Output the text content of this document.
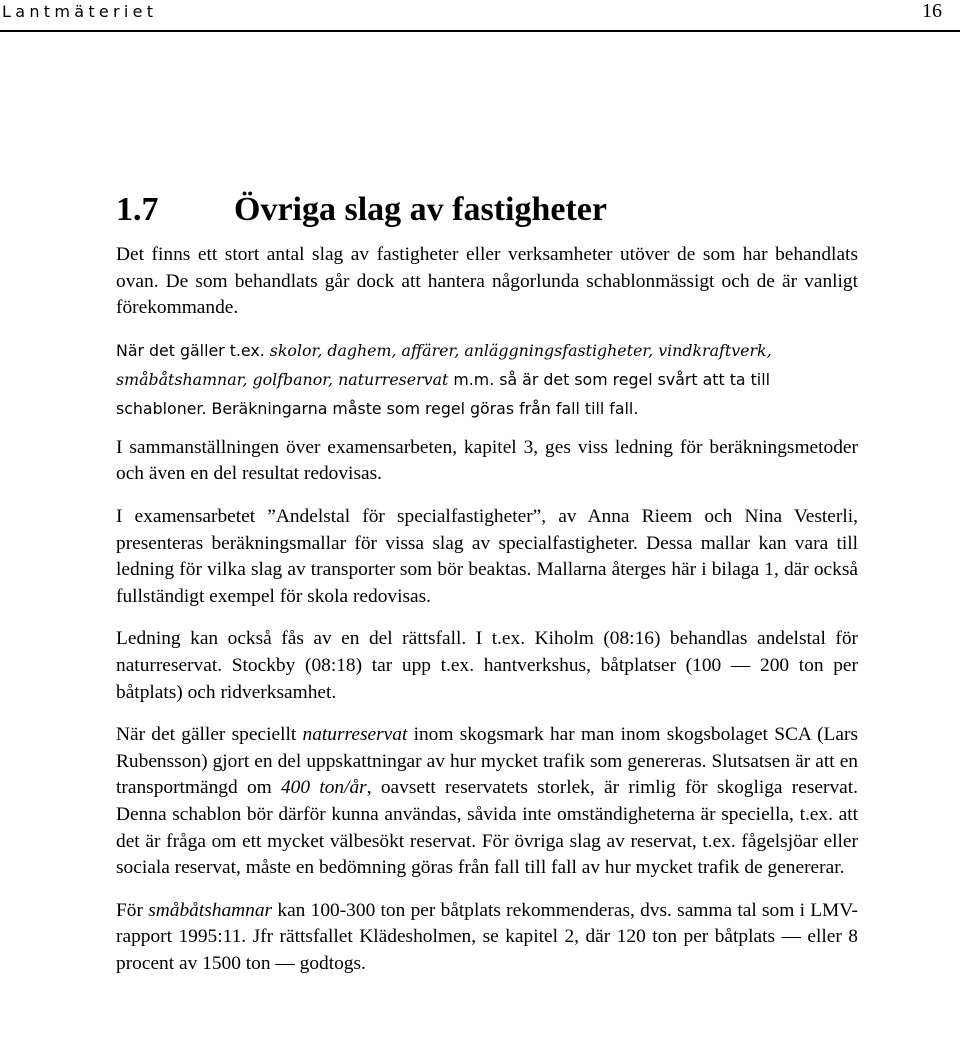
Lantmäteriet	16
1.7 Övriga slag av fastigheter

Det finns ett stort antal slag av fastigheter eller verksamheter utöver de som har behandlats ovan. De som behandlats går dock att hantera någorlunda schablonmässigt och de är vanligt förekommande.

När det gäller t.ex. skolor, daghem, affärer, anläggningsfastigheter, vindkraftverk, småbåtshamnar, golfbanor, naturreservat m.m. så är det som regel svårt att ta till schabloner. Beräkningarna måste som regel göras från fall till fall.

I sammanställningen över examensarbeten, kapitel 3, ges viss ledning för beräkningsmetoder och även en del resultat redovisas.

I examensarbetet ”Andelstal för specialfastigheter”, av Anna Rieem och Nina Vesterli, presenteras beräkningsmallar för vissa slag av specialfastigheter. Dessa mallar kan vara till ledning för vilka slag av transporter som bör beaktas. Mallarna återges här i bilaga 1, där också fullständigt exempel för skola redovisas.

Ledning kan också fås av en del rättsfall. I t.ex. Kiholm (08:16) behandlas andelstal för naturreservat. Stockby (08:18) tar upp t.ex. hantverkshus, båtplatser (100 — 200 ton per båtplats) och ridverksamhet.

När det gäller speciellt naturreservat inom skogsmark har man inom skogsbolaget SCA (Lars Rubensson) gjort en del uppskattningar av hur mycket trafik som genereras. Slutsatsen är att en transportmängd om 400 ton/år, oavsett reservatets storlek, är rimlig för skogliga reservat. Denna schablon bör därför kunna användas, såvida inte omständigheterna är speciella, t.ex. att det är fråga om ett mycket välbesökt reservat. För övriga slag av reservat, t.ex. fågelsjöar eller sociala reservat, måste en bedömning göras från fall till fall av hur mycket trafik de genererar.

För småbåtshamnar kan 100-300 ton per båtplats rekommenderas, dvs. samma tal som i LMV-rapport 1995:11. Jfr rättsfallet Klädesholmen, se kapitel 2, där 120 ton per båtplats — eller 8 procent av 1500 ton — godtogs.
